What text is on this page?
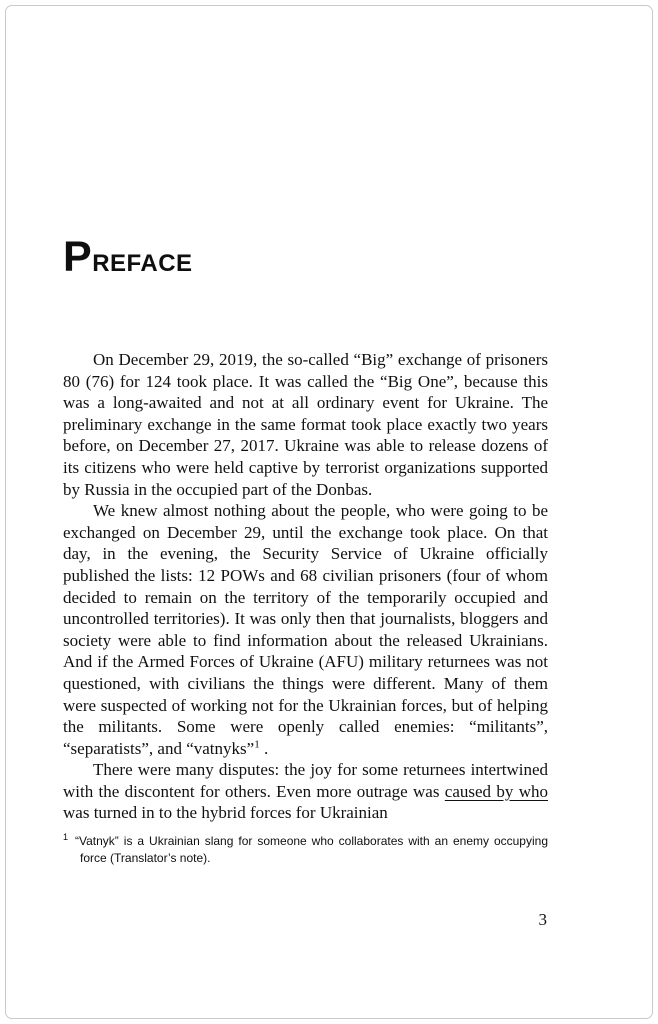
PREFACE

On December 29, 2019, the so-called “Big” exchange of prisoners 80 (76) for 124 took place. It was called the “Big One”, because this was a long-awaited and not at all ordinary event for Ukraine. The preliminary exchange in the same format took place exactly two years before, on December 27, 2017. Ukraine was able to release dozens of its citizens who were held captive by terrorist organizations supported by Russia in the occupied part of the Donbas.

We knew almost nothing about the people, who were going to be exchanged on December 29, until the exchange took place. On that day, in the evening, the Security Service of Ukraine officially published the lists: 12 POWs and 68 civilian prisoners (four of whom decided to remain on the territory of the temporarily occupied and uncontrolled territories). It was only then that journalists, bloggers and society were able to find information about the released Ukrainians. And if the Armed Forces of Ukraine (AFU) military returnees was not questioned, with civilians the things were different. Many of them were suspected of working not for the Ukrainian forces, but of helping the militants. Some were openly called enemies: “militants”, “separatists”, and “vatnyks”$^1$ .

There were many disputes: the joy for some returnees intertwined with the discontent for others. Even more outrage was caused by who was turned in to the hybrid forces for Ukrainian

$^1$ “Vatnyk” is a Ukrainian slang for someone who collaborates with an enemy occupying force (Translator’s note).
3
